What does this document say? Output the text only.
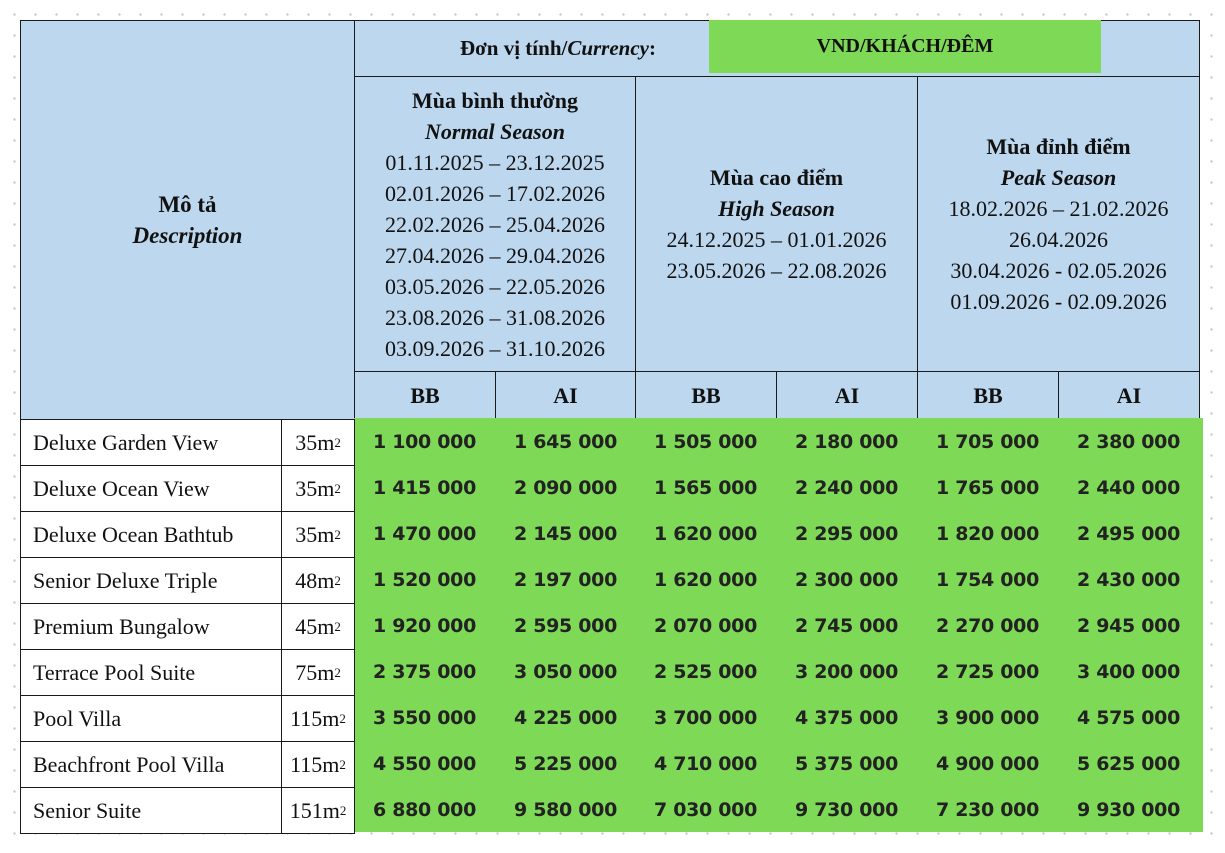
Mô tả
Description
Đơn vị tính/ Currency :	VND/KHÁCH/ĐÊM
Mùa bình thường
Normal Season
01.11.2025 – 23.12.2025
02.01.2026 – 17.02.2026
22.02.2026 – 25.04.2026
27.04.2026 – 29.04.2026
03.05.2026 – 22.05.2026
23.08.2026 – 31.08.2026
03.09.2026 – 31.10.2026
Mùa cao điểm
High Season
24.12.2025 – 01.01.2026
23.05.2026 – 22.08.2026
Mùa đỉnh điểm
Peak Season
18.02.2026 – 21.02.2026
26.04.2026
30.04.2026 - 02.05.2026
01.09.2026 - 02.09.2026
BB	AI	BB	AI	BB	AI
Deluxe Garden View	35 m 2	1 100 000	1 645 000	1 505 000	2 180 000	1 705 000	2 380 000
Deluxe Ocean View	35 m 2	1 415 000	2 090 000	1 565 000	2 240 000	1 765 000	2 440 000
Deluxe Ocean Bathtub	35 m 2	1 470 000	2 145 000	1 620 000	2 295 000	1 820 000	2 495 000
Senior Deluxe Triple	48 m 2	1 520 000	2 197 000	1 620 000	2 300 000	1 754 000	2 430 000
Premium Bungalow	45 m 2	1 920 000	2 595 000	2 070 000	2 745 000	2 270 000	2 945 000
Terrace Pool Suite	75 m 2	2 375 000	3 050 000	2 525 000	3 200 000	2 725 000	3 400 000
Pool Villa	115 m 2	3 550 000	4 225 000	3 700 000	4 375 000	3 900 000	4 575 000
Beachfront Pool Villa	115 m 2	4 550 000	5 225 000	4 710 000	5 375 000	4 900 000	5 625 000
Senior Suite	151 m 2	6 880 000	9 580 000	7 030 000	9 730 000	7 230 000	9 930 000
